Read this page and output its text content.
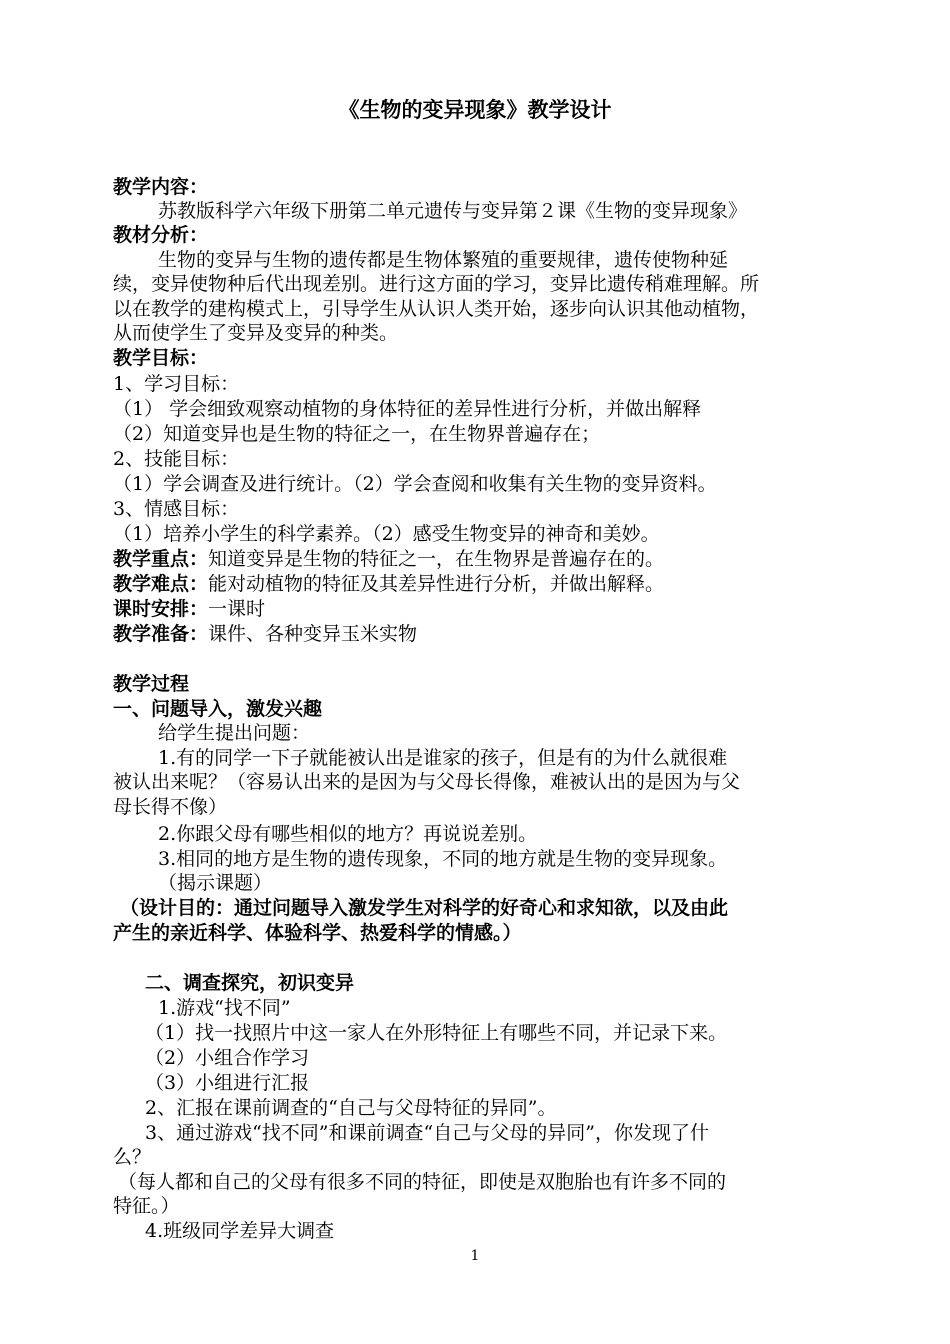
《生物的变异现象》教学设计
教学内容：
苏教版科学六年级下册第二单元遗传与变异第２课《生物的变异现象》
教材分析：
生物的变异与生物的遗传都是生物体繁殖的重要规律，遗传使物种延
续，变异使物种后代出现差别。进行这方面的学习，变异比遗传稍难理解。所
以在教学的建构模式上，引导学生从认识人类开始，逐步向认识其他动植物，
从而使学生了变异及变异的种类。
教学目标：
1、学习目标：
（1） 学会细致观察动植物的身体特征的差异性进行分析，并做出解释
（2）知道变异也是生物的特征之一，在生物界普遍存在；
2、技能目标：
（1）学会调查及进行统计。（2）学会查阅和收集有关生物的变异资料。
3、情感目标：
（1）培养小学生的科学素养。（2）感受生物变异的神奇和美妙。
教学重点：知道变异是生物的特征之一，在生物界是普遍存在的。
教学难点：能对动植物的特征及其差异性进行分析，并做出解释。
课时安排：一课时
教学准备：课件、各种变异玉米实物
教学过程
一、问题导入，激发兴趣
给学生提出问题：
1.有的同学一下子就能被认出是谁家的孩子，但是有的为什么就很难
被认出来呢？（容易认出来的是因为与父母长得像，难被认出的是因为与父
母长得不像）
2.你跟父母有哪些相似的地方？再说说差别。
3.相同的地方是生物的遗传现象，不同的地方就是生物的变异现象。
（揭示课题）
（设计目的：通过问题导入激发学生对科学的好奇心和求知欲，以及由此
产生的亲近科学、体验科学、热爱科学的情感。）
二、调查探究，初识变异
1.游戏“找不同”
（1）找一找照片中这一家人在外形特征上有哪些不同，并记录下来。
（2）小组合作学习
（3）小组进行汇报
2、汇报在课前调查的“自己与父母特征的异同”。
3、通过游戏“找不同”和课前调查“自己与父母的异同”，你发现了什
么？
（每人都和自己的父母有很多不同的特征，即使是双胞胎也有许多不同的
特征。）
4.班级同学差异大调查
1
